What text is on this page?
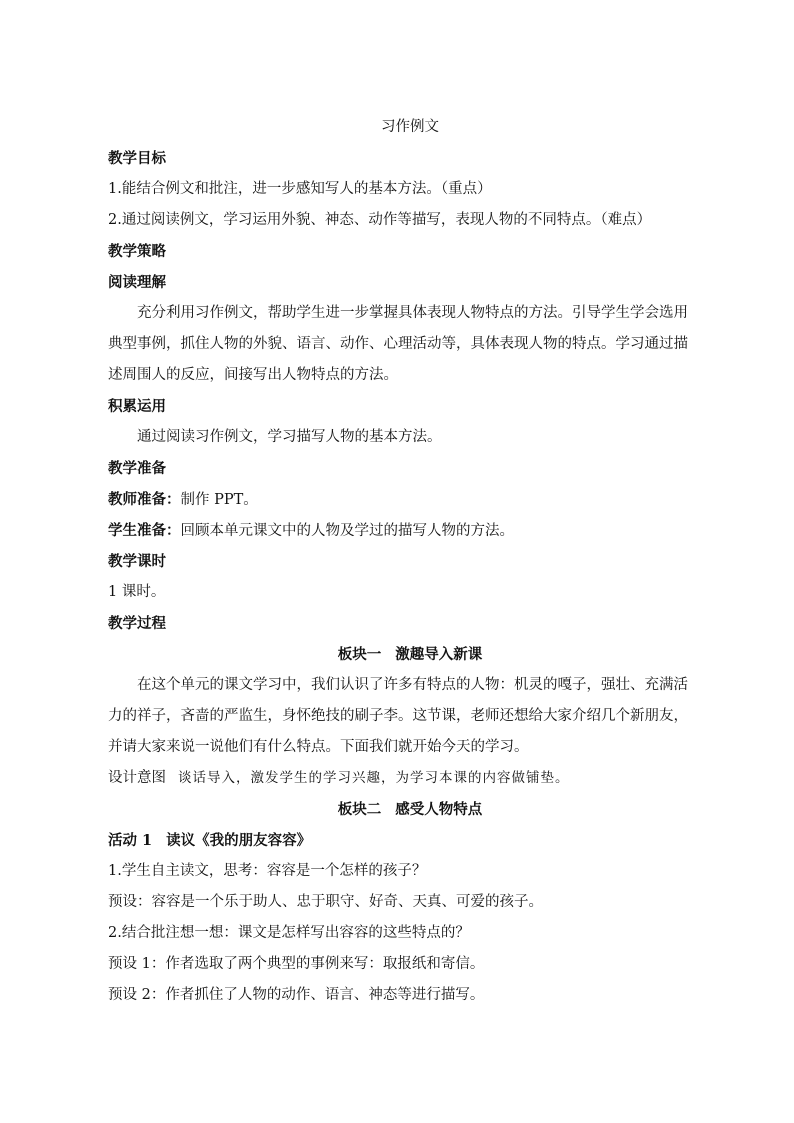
习作例文
教学目标
1.能结合例文和批注，进一步感知写人的基本方法。（重点）
2.通过阅读例文，学习运用外貌、神态、动作等描写，表现人物的不同特点。（难点）
教学策略
阅读理解
充分利用习作例文，帮助学生进一步掌握具体表现人物特点的方法。引导学生学会选用
典型事例，抓住人物的外貌、语言、动作、心理活动等，具体表现人物的特点。学习通过描
述周围人的反应，间接写出人物特点的方法。
积累运用
通过阅读习作例文，学习描写人物的基本方法。
教学准备
教师准备：制作 PPT。
学生准备：回顾本单元课文中的人物及学过的描写人物的方法。
教学课时
1 课时。
教学过程
板块一 激趣导入新课
在这个单元的课文学习中，我们认识了许多有特点的人物：机灵的嘎子，强壮、充满活
力的祥子，吝啬的严监生，身怀绝技的刷子李。这节课，老师还想给大家介绍几个新朋友，
并请大家来说一说他们有什么特点。下面我们就开始今天的学习。
设计意图 谈话导入，激发学生的学习兴趣，为学习本课的内容做铺垫。
板块二 感受人物特点
活动 1 读议《我的朋友容容》
1.学生自主读文，思考：容容是一个怎样的孩子？
预设：容容是一个乐于助人、忠于职守、好奇、天真、可爱的孩子。
2.结合批注想一想：课文是怎样写出容容的这些特点的？
预设 1：作者选取了两个典型的事例来写：取报纸和寄信。
预设 2：作者抓住了人物的动作、语言、神态等进行描写。
